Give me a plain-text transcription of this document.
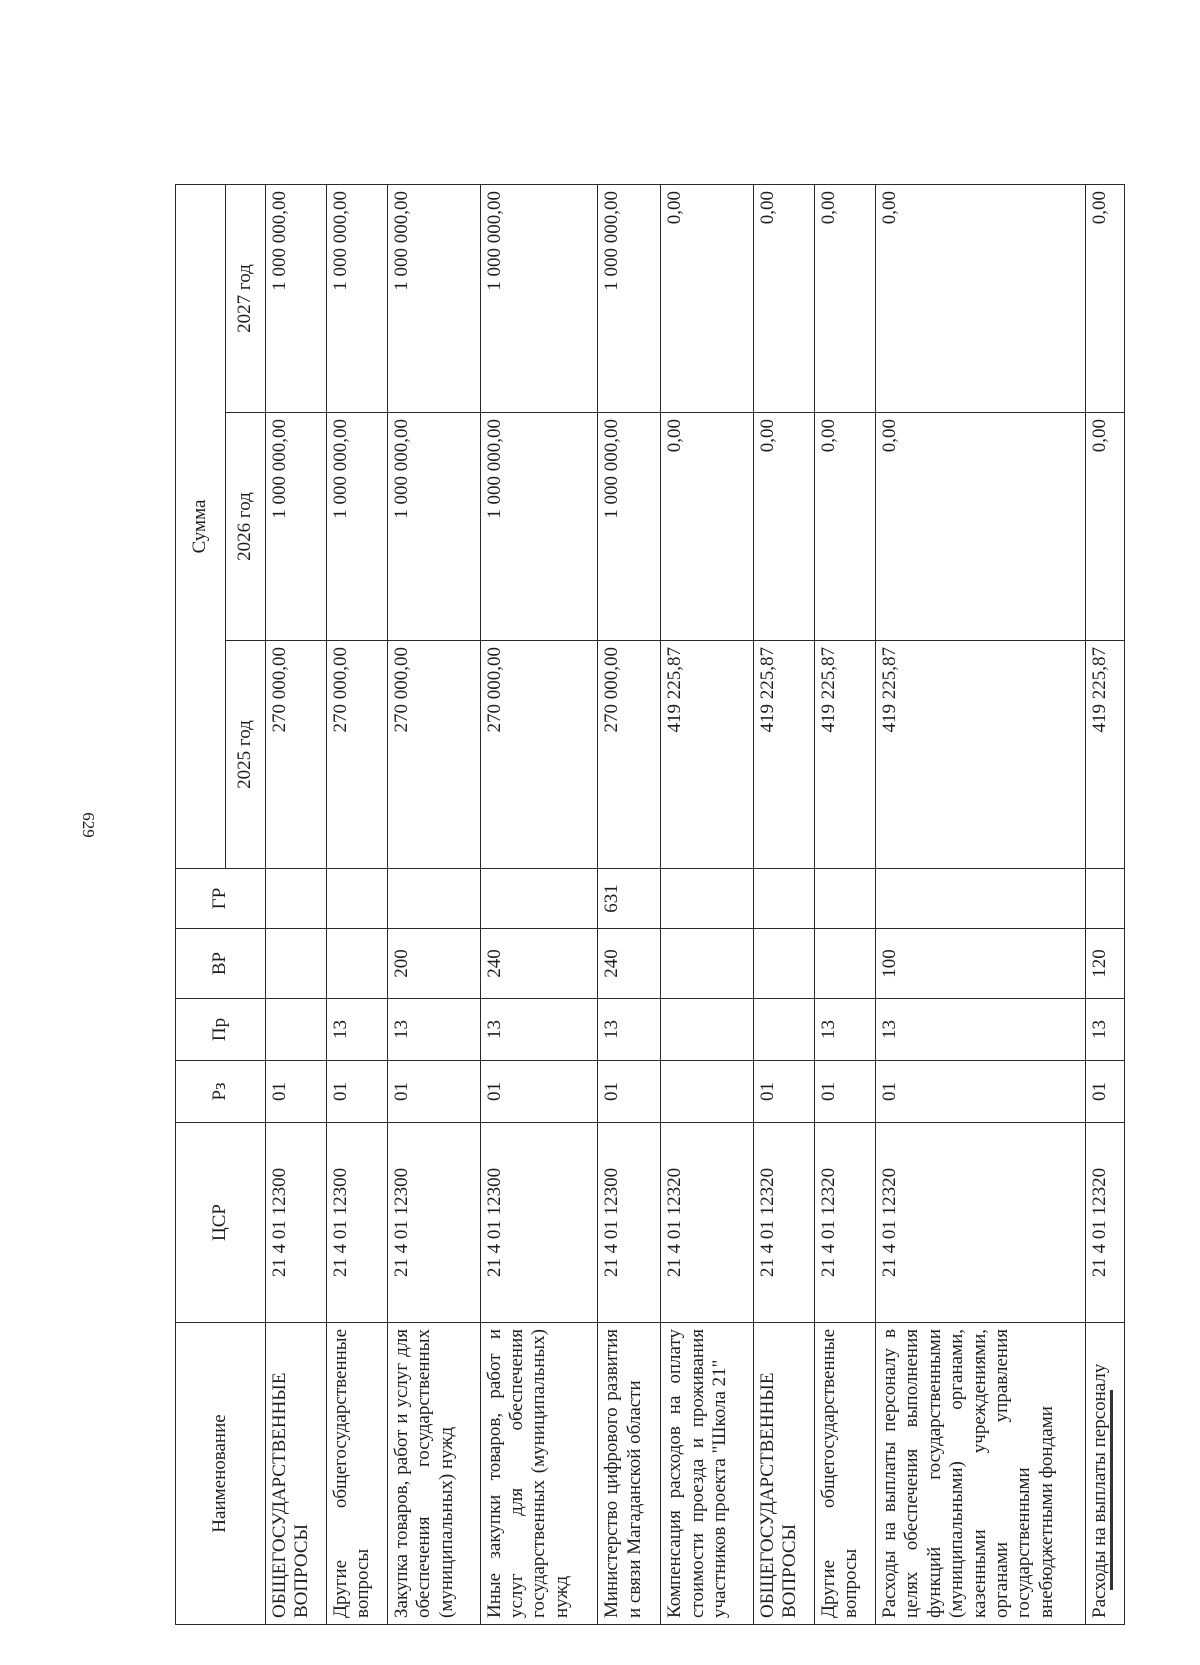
629
Наименование	ЦСР	Рз	Пр	ВР	ГР	Сумма		
						2025 год	2026 год	2027 год
ОБЩЕГОСУДАРСТВЕННЫЕ ВОПРОСЫ	21 4 01 12300	01				270 000,00	1 000 000,00	1 000 000,00
Другие общегосударственные вопросы	21 4 01 12300	01	13			270 000,00	1 000 000,00	1 000 000,00
Закупка товаров, работ и услуг для обеспечения государственных (муниципальных) нужд	21 4 01 12300	01	13	200		270 000,00	1 000 000,00	1 000 000,00
Иные закупки товаров, работ и услуг для обеспечения государственных (муниципальных) нужд	21 4 01 12300	01	13	240		270 000,00	1 000 000,00	1 000 000,00
Министерство цифрового развития и связи Магаданской области	21 4 01 12300	01	13	240	631	270 000,00	1 000 000,00	1 000 000,00
Компенсация расходов на оплату стоимости проезда и проживания участников проекта "Школа 21"	21 4 01 12320					419 225,87	0,00	0,00
ОБЩЕГОСУДАРСТВЕННЫЕ ВОПРОСЫ	21 4 01 12320	01				419 225,87	0,00	0,00
Другие общегосударственные вопросы	21 4 01 12320	01	13			419 225,87	0,00	0,00
Расходы на выплаты персоналу в целях обеспечения выполнения функций государственными (муниципальными) органами, казенными учреждениями, органами управления государственными внебюджетными фондами	21 4 01 12320	01	13	100		419 225,87	0,00	0,00
Расходы на выплаты персоналу	21 4 01 12320	01	13	120		419 225,87	0,00	0,00
